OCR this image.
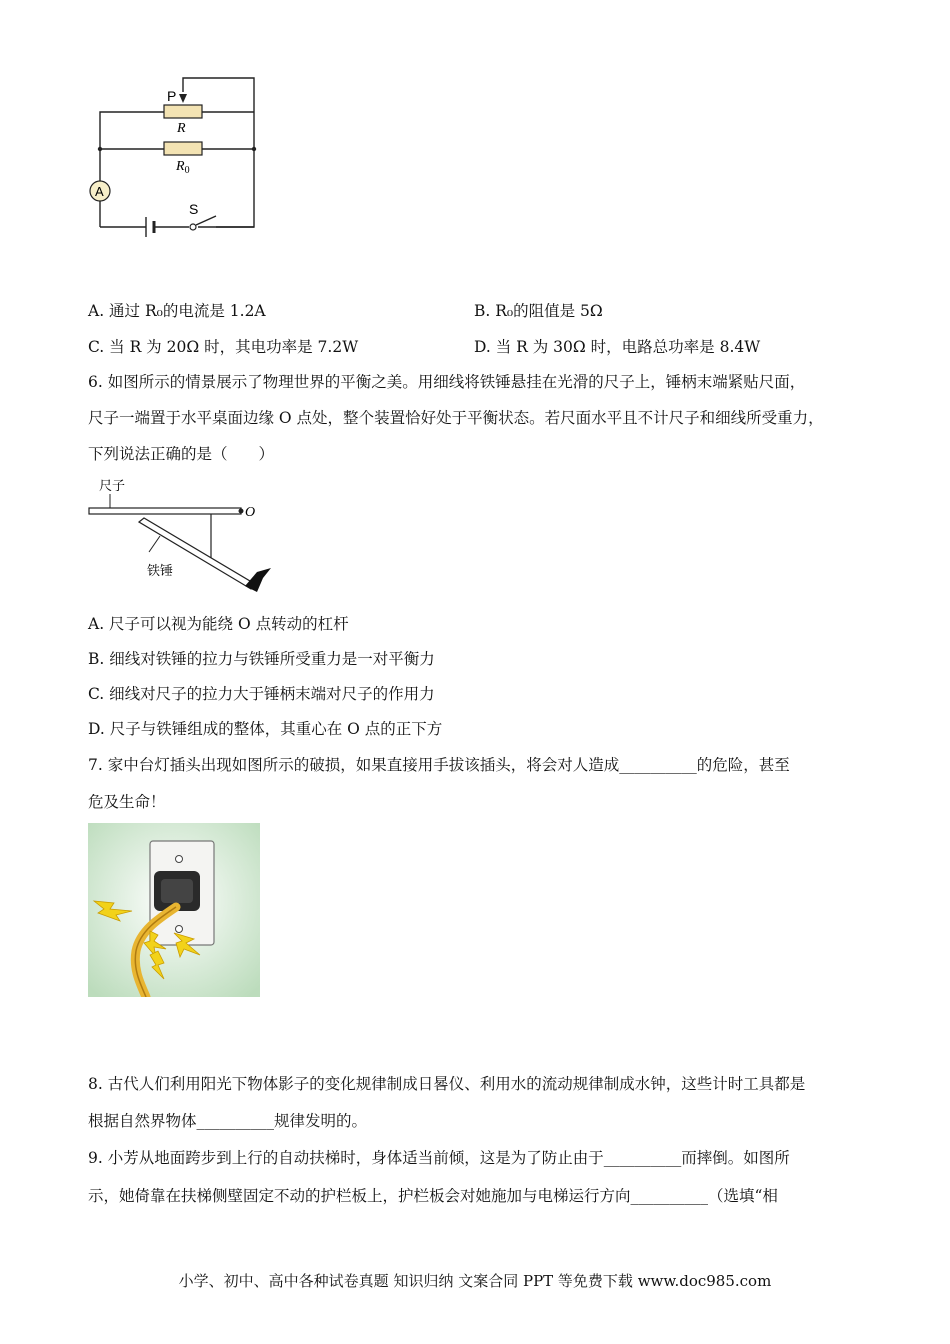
P
R
$R_0$
A
S
A. 通过 R₀的电流是 1.2A	B. R₀的阻值是 5Ω
C. 当 R 为 20Ω 时，其电功率是 7.2W	D. 当 R 为 30Ω 时，电路总功率是 8.4W
6. 如图所示的情景展示了物理世界的平衡之美。用细线将铁锤悬挂在光滑的尺子上，锤柄末端紧贴尺面，
尺子一端置于水平桌面边缘 O 点处，整个装置恰好处于平衡状态。若尺面水平且不计尺子和细线所受重力，
下列说法正确的是（　　）
尺子
O
铁锤
A. 尺子可以视为能绕 O 点转动的杠杆
B. 细线对铁锤的拉力与铁锤所受重力是一对平衡力
C. 细线对尺子的拉力大于锤柄末端对尺子的作用力
D. 尺子与铁锤组成的整体，其重心在 O 点的正下方
7. 家中台灯插头出现如图所示的破损，如果直接用手拔该插头，将会对人造成__________的危险，甚至
危及生命！
8. 古代人们利用阳光下物体影子的变化规律制成日晷仪、利用水的流动规律制成水钟，这些计时工具都是
根据自然界物体__________规律发明的。
9. 小芳从地面跨步到上行的自动扶梯时，身体适当前倾，这是为了防止由于__________而摔倒。如图所
示，她倚靠在扶梯侧壁固定不动的护栏板上，护栏板会对她施加与电梯运行方向__________（选填“相
小学、初中、高中各种试卷真题 知识归纳 文案合同 PPT 等免费下载 www.doc985.com
